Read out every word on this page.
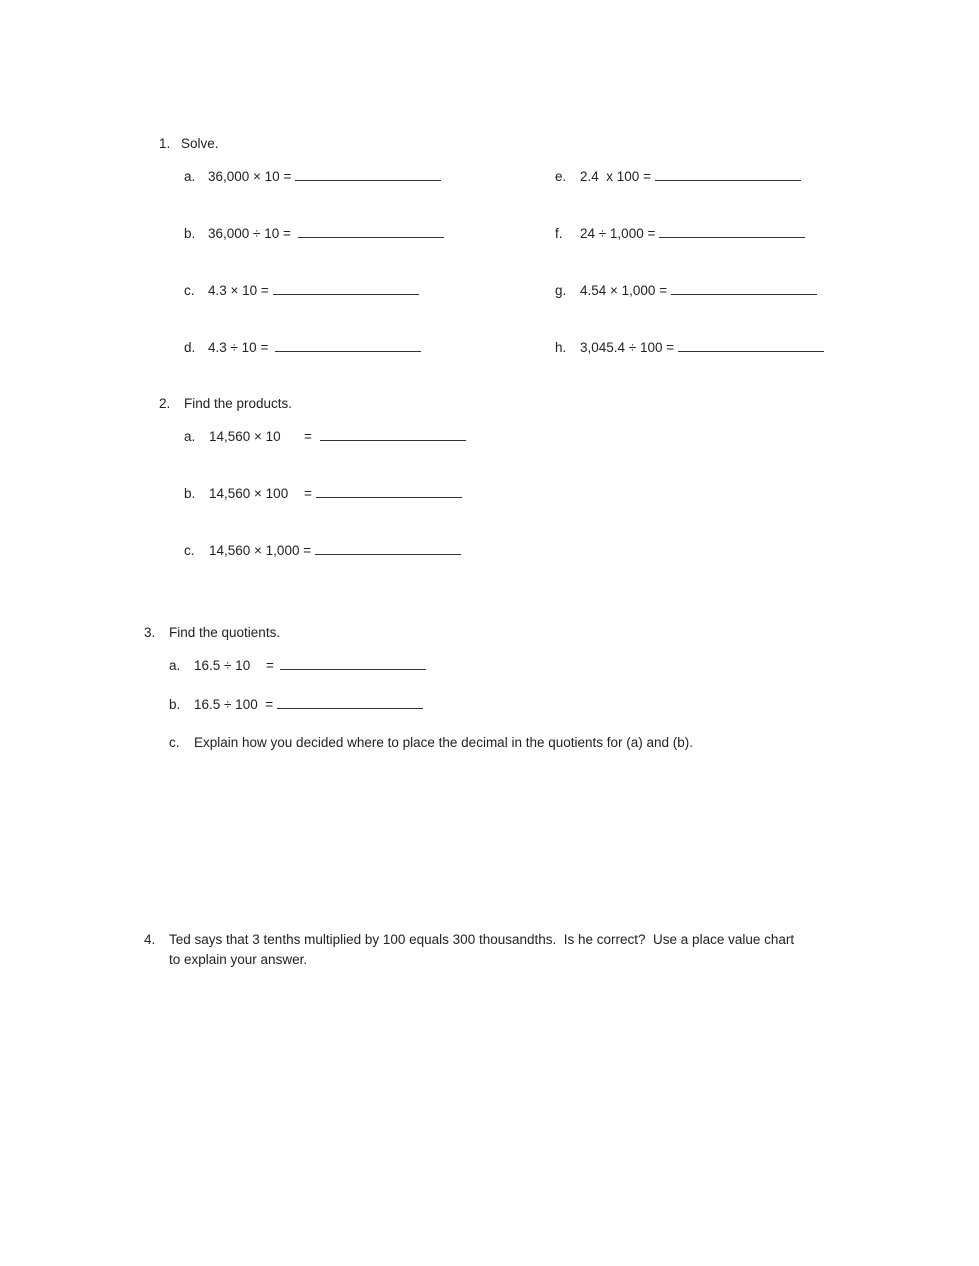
1. Solve.
a. 36,000 × 10 =
b. 36,000 ÷ 10 =
c. 4.3 × 10 =
d. 4.3 ÷ 10 =
e. 2.4  x 100 =
f. 24 ÷ 1,000 =
g. 4.54 × 1,000 =
h. 3,045.4 ÷ 100 =
2. Find the products.
a. 14,560 × 10 =
b. 14,560 × 100 =
c. 14,560 × 1,000 =
3. Find the quotients.
a. 16.5 ÷ 10 =
b. 16.5 ÷ 100  =
c. Explain how you decided where to place the decimal in the quotients for (a) and (b).
4. Ted says that 3 tenths multiplied by 100 equals 300 thousandths.  Is he correct?  Use a place value chart
to explain your answer.
